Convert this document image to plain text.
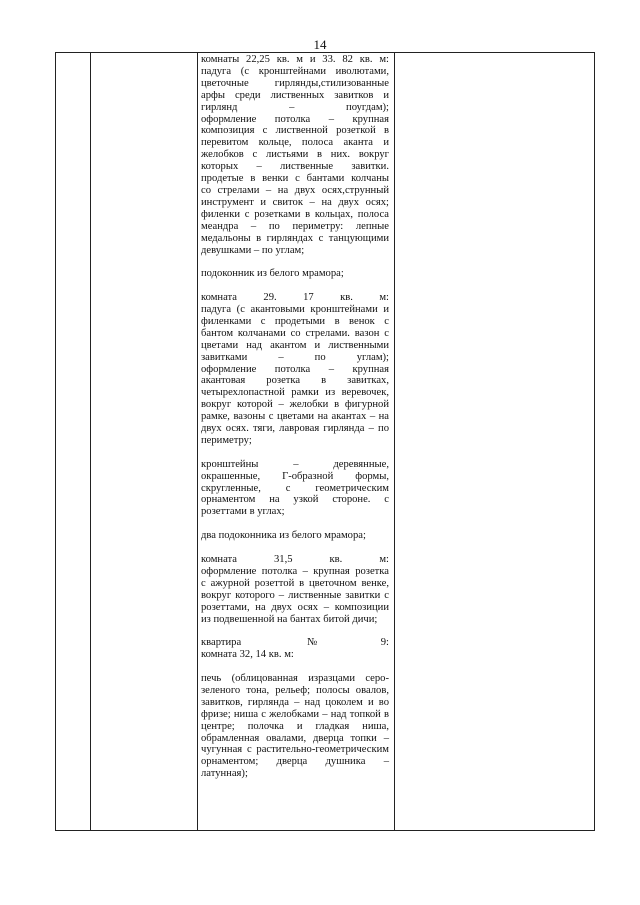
14

комнаты 22,25 кв. м и 33. 82 кв. м:

падуга (с кронштейнами иволютами,

цветочные гирлянды,стилизованные

арфы среди лиственных завитков и

гирлянд – поугдам);

оформление потолка – крупная

композиция с лиственной розеткой в

перевитом кольце, полоса аканта и

желобков с листьями в них. вокруг

которых – лиственные завитки.

продетые в венки с бантами колчаны

со стрелами – на двух осях,струнный

инструмент и свиток – на двух осях;

филенки с розетками в кольцах, полоса

меандра – по периметру: лепные

медальоны в гирляндах с танцующими

девушками – по углам;

подоконник из белого мрамора;

комната 29. 17 кв. м:

падуга (с акантовыми кронштейнами и

филенками с продетыми в венок с

бантом колчанами со стрелами. вазон с

цветами над акантом и лиственными

завитками – по углам);

оформление потолка – крупная

акантовая розетка в завитках,

четырехлопастной рамки из веревочек,

вокруг которой – желобки в фигурной

рамке, вазоны с цветами на акантах – на

двух осях. тяги, лавровая гирлянда – по

периметру;

кронштейны – деревянные,

окрашенные, Г-образной формы,

скругленные, с геометрическим

орнаментом на узкой стороне. с

розеттами в углах;

два подоконника из белого мрамора;

комната 31,5 кв. м:

оформление потолка – крупная розетка

с ажурной розеттой в цветочном венке,

вокруг которого – лиственные завитки с

розеттами, на двух осях – композиции

из подвешенной на бантах битой дичи;

квартира №9:

комната 32, 14 кв. м:

печь (облицованная изразцами серо-

зеленого тона, рельеф; полосы овалов,

завитков, гирлянда – над цоколем и во

фризе; ниша с желобками – над топкой в

центре; полочка и гладкая ниша,

обрамленная овалами, дверца топки –

чугунная с растительно-геометрическим

орнаментом; дверца душника –

латунная);
